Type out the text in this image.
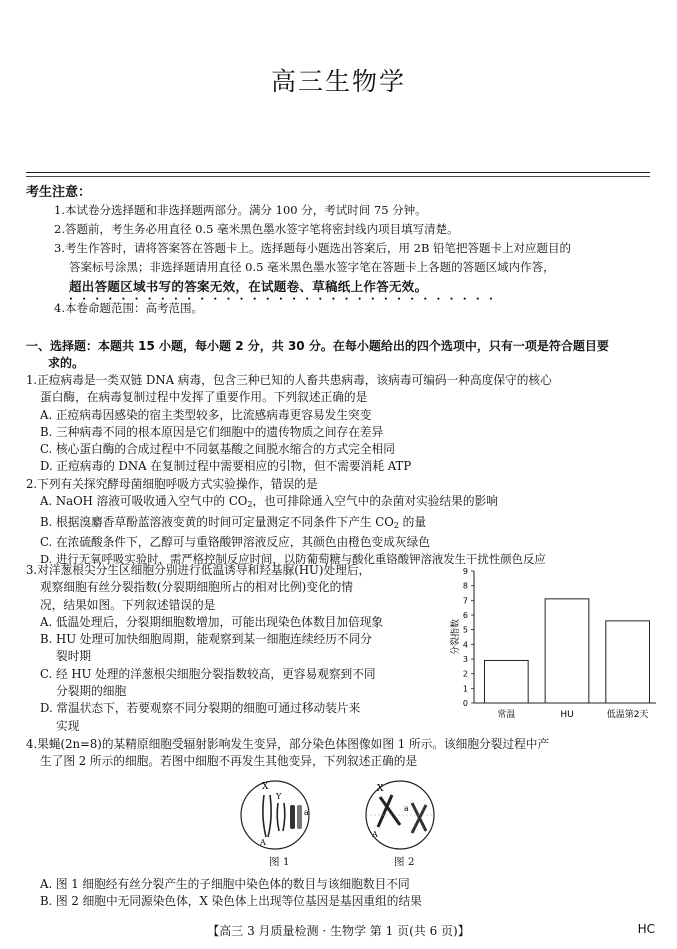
高三生物学
考生注意：
1.本试卷分选择题和非选择题两部分。满分 100 分，考试时间 75 分钟。
2.答题前，考生务必用直径 0.5 毫米黑色墨水签字笔将密封线内项目填写清楚。
3.考生作答时，请将答案答在答题卡上。选择题每小题选出答案后，用 2B 铅笔把答题卡上对应题目的
答案标号涂黑；非选择题请用直径 0.5 毫米黑色墨水签字笔在答题卡上各题的答题区域内作答，
超出答题区域书写的答案无效，在试题卷、草稿纸上作答无效。 • • •
4.本卷命题范围：高考范围。
一、选择题：本题共 15 小题，每小题 2 分，共 30 分。在每小题给出的四个选项中，只有一项是符合题目要
求的。
1.正痘病毒是一类双链 DNA 病毒，包含三种已知的人畜共患病毒，该病毒可编码一种高度保守的核心
蛋白酶，在病毒复制过程中发挥了重要作用。下列叙述正确的是
A. 正痘病毒因感染的宿主类型较多，比流感病毒更容易发生突变
B. 三种病毒不同的根本原因是它们细胞中的遗传物质之间存在差异
C. 核心蛋白酶的合成过程中不同氨基酸之间脱水缩合的方式完全相同
D. 正痘病毒的 DNA 在复制过程中需要相应的引物，但不需要消耗 ATP
2.下列有关探究酵母菌细胞呼吸方式实验操作，错误的是
A. NaOH 溶液可吸收通入空气中的 $CO_2$，也可排除通入空气中的杂菌对实验结果的影响
B. 根据溴麝香草酚蓝溶液变黄的时间可定量测定不同条件下产生 $CO_2$ 的量
C. 在浓硫酸条件下，乙醇可与重铬酸钾溶液反应，其颜色由橙色变成灰绿色
D. 进行无氧呼吸实验时，需严格控制反应时间，以防葡萄糖与酸化重铬酸钾溶液发生干扰性颜色反应
3.对洋葱根尖分生区细胞分别进行低温诱导和羟基脲(HU)处理后，
观察细胞有丝分裂指数(分裂期细胞所占的相对比例)变化的情
况，结果如图。下列叙述错误的是
A. 低温处理后，分裂期细胞数增加，可能出现染色体数目加倍现象
B. HU 处理可加快细胞周期，能观察到某一细胞连续经历不同分
裂时期
C. 经 HU 处理的洋葱根尖细胞分裂指数较高，更容易观察到不同
分裂期的细胞
D. 常温状态下，若要观察不同分裂期的细胞可通过移动装片来
实现
0
1
2
3
4
5
6
7
8
9
分裂指数
常温	HU	低温第2天
4.果蝇(2n=8)的某精原细胞受辐射影响发生变异，部分染色体图像如图 1 所示。该细胞分裂过程中产
生了图 2 所示的细胞。若图中细胞不再发生其他变异，下列叙述正确的是
X
Y
A
a
X
a
A
图 1	图 2
A. 图 1 细胞经有丝分裂产生的子细胞中染色体的数目与该细胞数目不同
B. 图 2 细胞中无同源染色体，X 染色体上出现等位基因是基因重组的结果
【高三 3 月质量检测 · 生物学 第 1 页(共 6 页)】	HC
